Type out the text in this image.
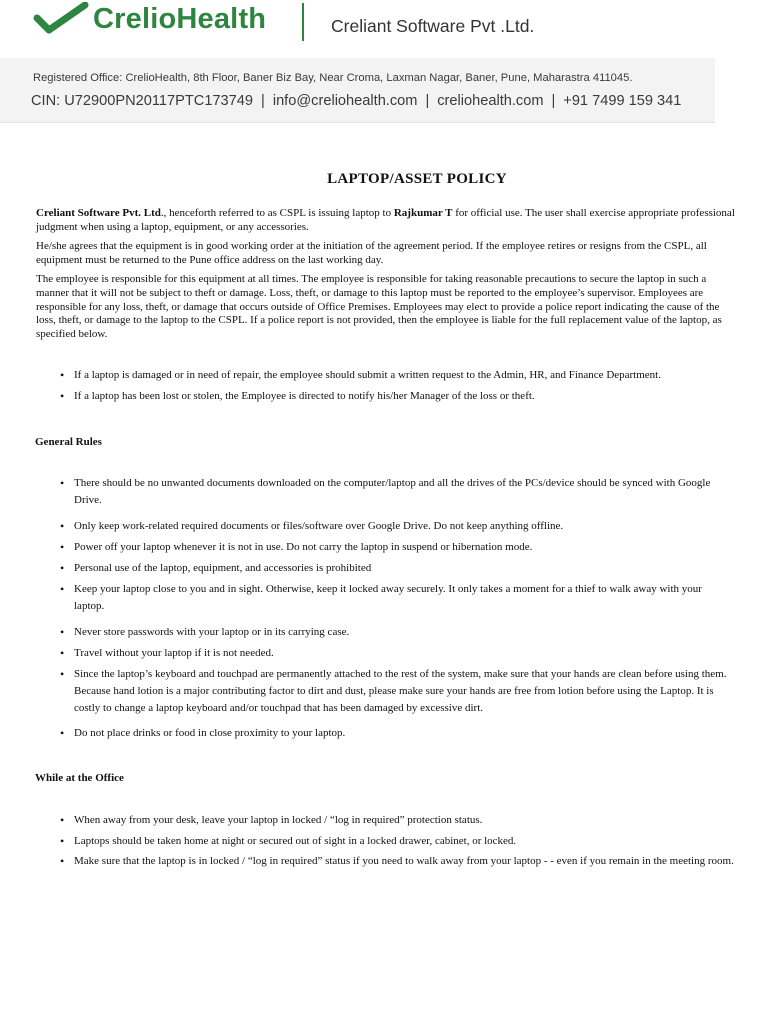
CrelioHealth	Creliant Software Pvt .Ltd.
Registered Office: CrelioHealth, 8th Floor, Baner Biz Bay, Near Croma, Laxman Nagar, Baner, Pune, Maharastra 411045.
CIN: U72900PN20117PTC173749 | info@creliohealth.com | creliohealth.com | +91 7499 159 341
LAPTOP/ASSET POLICY
Creliant Software Pvt. Ltd., henceforth referred to as CSPL is issuing laptop to Rajkumar T for official use. The user shall exercise appropriate professional judgment when using a laptop, equipment, or any accessories.
He/she agrees that the equipment is in good working order at the initiation of the agreement period. If the employee retires or resigns from the CSPL, all equipment must be returned to the Pune office address on the last working day.
The employee is responsible for this equipment at all times. The employee is responsible for taking reasonable precautions to secure the laptop in such a manner that it will not be subject to theft or damage. Loss, theft, or damage to this laptop must be reported to the employee’s supervisor. Employees are responsible for any loss, theft, or damage that occurs outside of Office Premises. Employees may elect to provide a police report indicating the cause of the loss, theft, or damage to the laptop to the CSPL. If a police report is not provided, then the employee is liable for the full replacement value of the laptop, as specified below.
• If a laptop is damaged or in need of repair, the employee should submit a written request to the Admin, HR, and Finance Department.
• If a laptop has been lost or stolen, the Employee is directed to notify his/her Manager of the loss or theft.
General Rules
• There should be no unwanted documents downloaded on the computer/laptop and all the drives of the PCs/device should be synced with Google Drive.
• Only keep work-related required documents or files/software over Google Drive. Do not keep anything offline.
• Power off your laptop whenever it is not in use. Do not carry the laptop in suspend or hibernation mode.
• Personal use of the laptop, equipment, and accessories is prohibited
• Keep your laptop close to you and in sight. Otherwise, keep it locked away securely. It only takes a moment for a thief to walk away with your laptop.
• Never store passwords with your laptop or in its carrying case.
• Travel without your laptop if it is not needed.
• Since the laptop’s keyboard and touchpad are permanently attached to the rest of the system, make sure that your hands are clean before using them. Because hand lotion is a major contributing factor to dirt and dust, please make sure your hands are free from lotion before using the Laptop. It is costly to change a laptop keyboard and/or touchpad that has been damaged by excessive dirt.
• Do not place drinks or food in close proximity to your laptop.
While at the Office
• When away from your desk, leave your laptop in locked / “log in required” protection status.
• Laptops should be taken home at night or secured out of sight in a locked drawer, cabinet, or locked.
• Make sure that the laptop is in locked / “log in required” status if you need to walk away from your laptop - - even if you remain in the meeting room.
